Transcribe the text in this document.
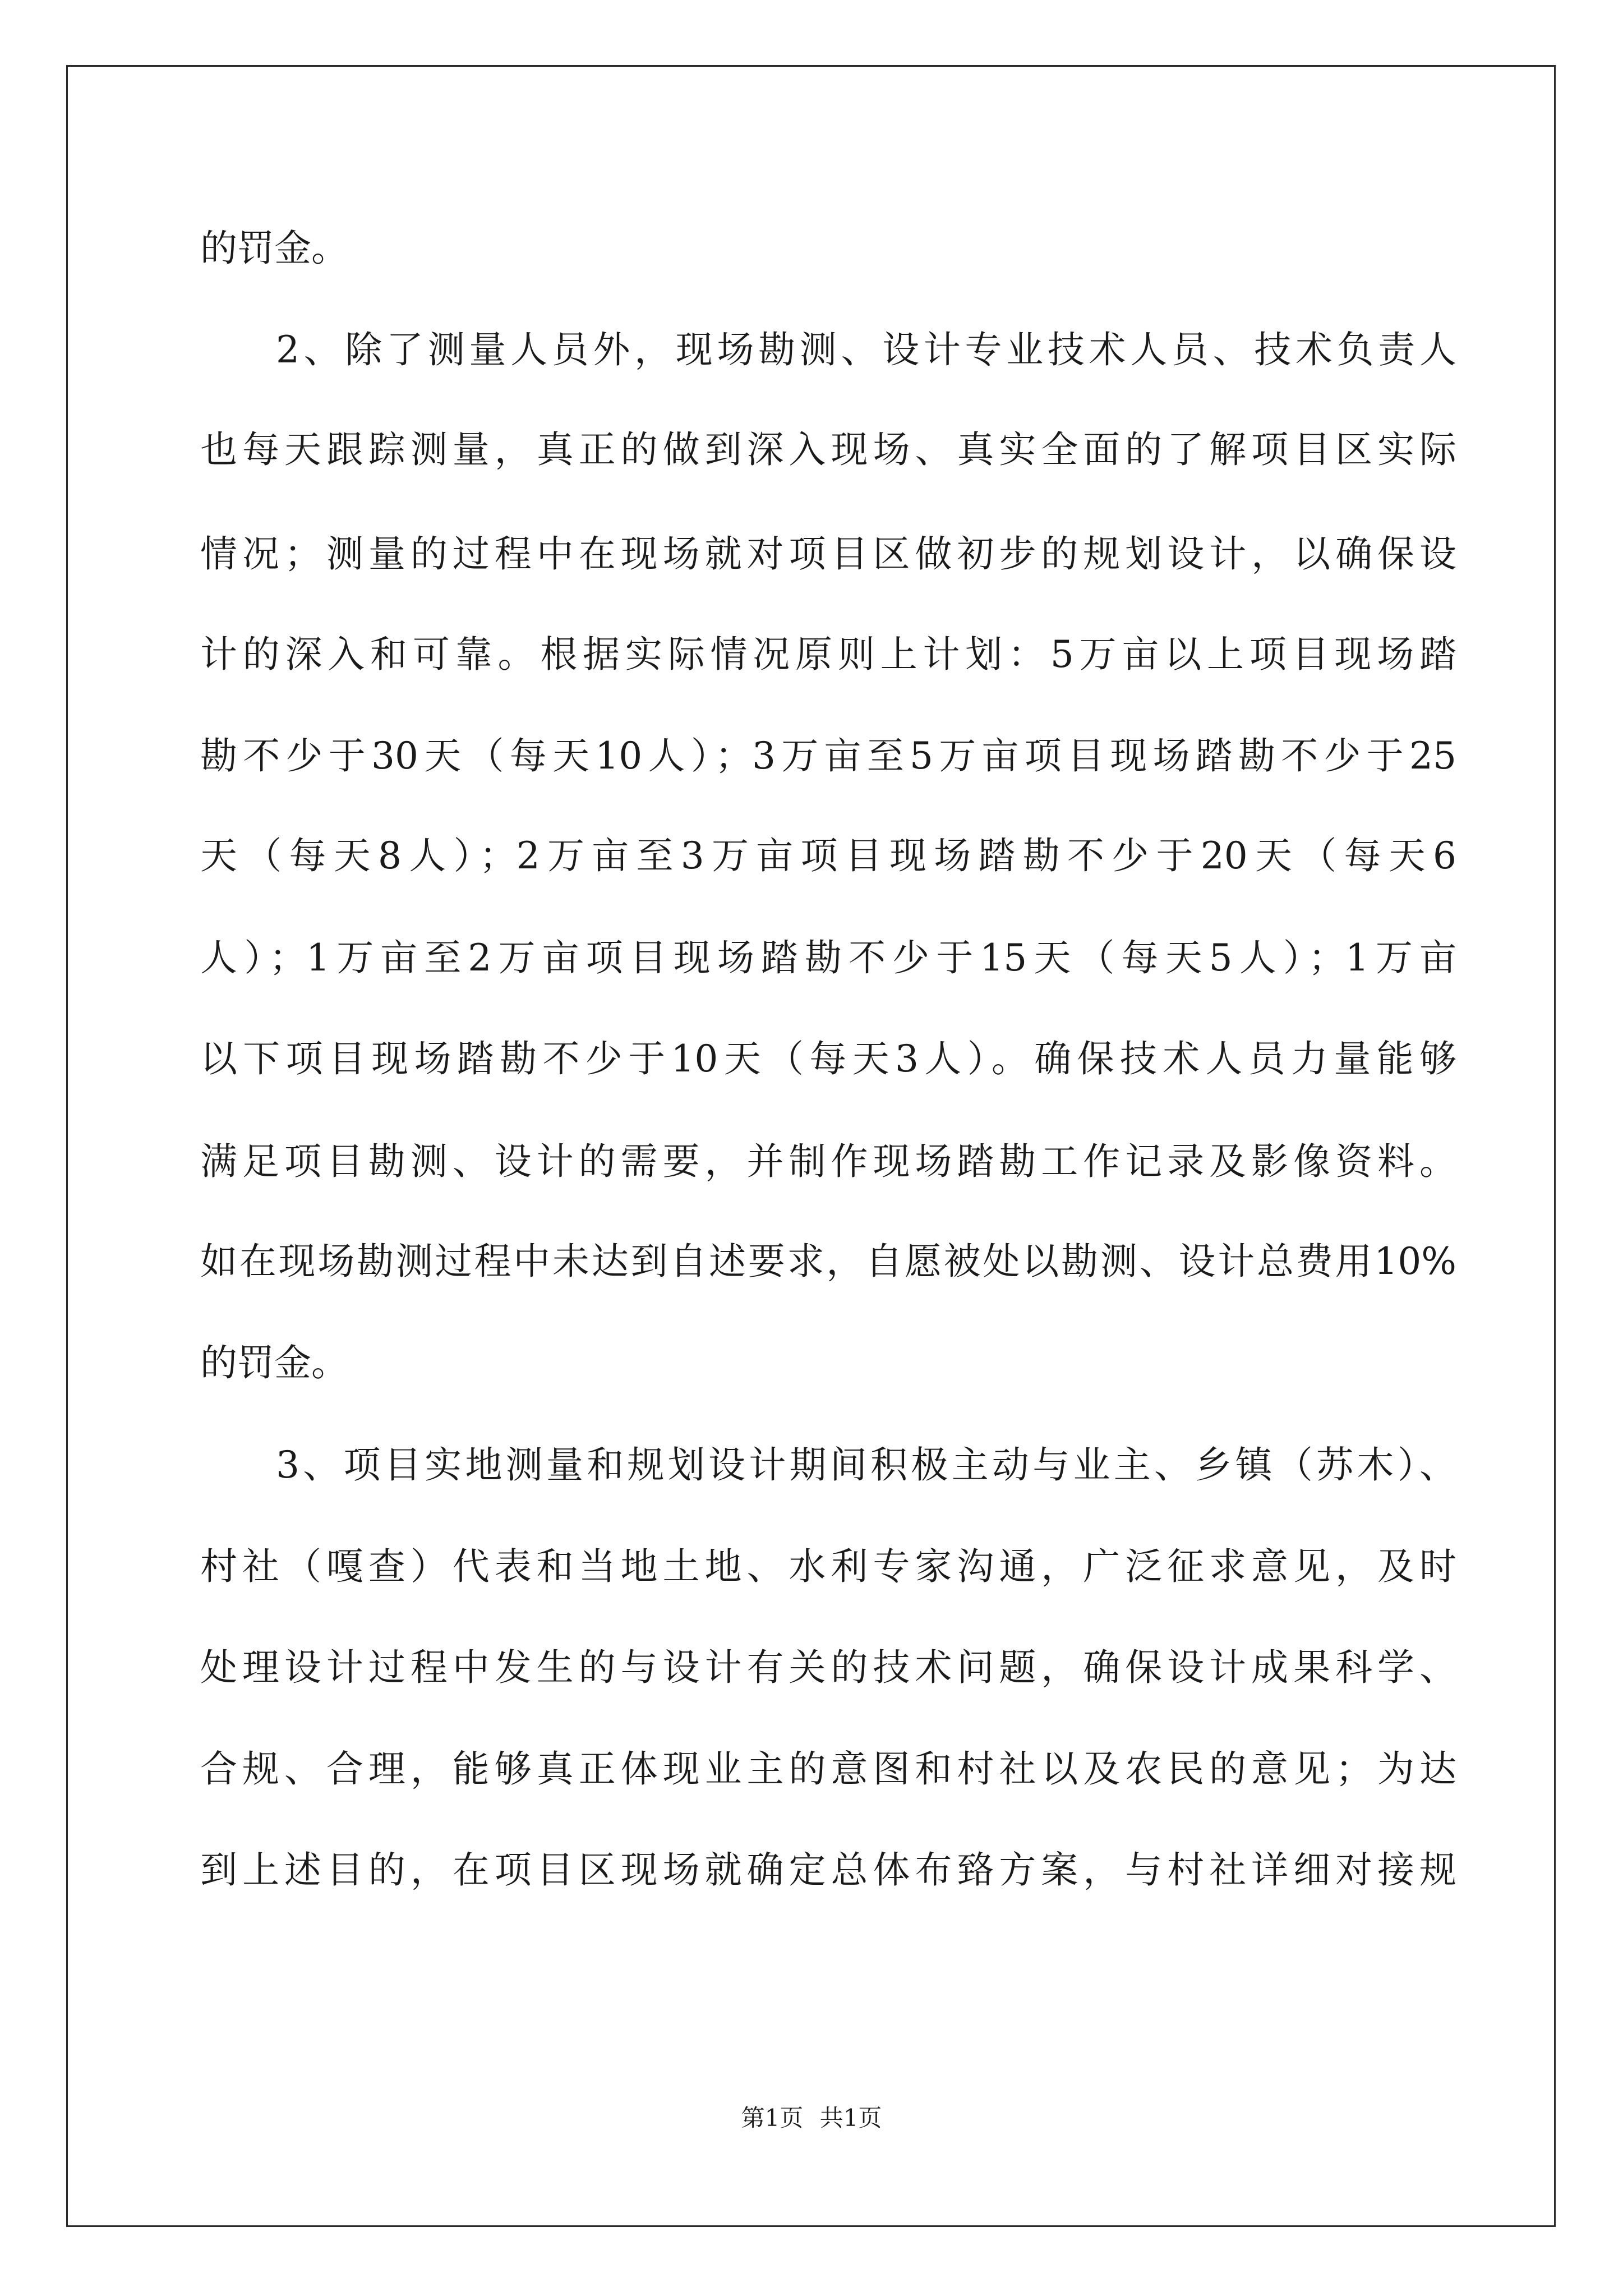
的罚金。
2、除了测量人员外，现场勘测、设计专业技术人员、技术负责人
也每天跟踪测量，真正的做到深入现场、真实全面的了解项目区实际
情况；测量的过程中在现场就对项目区做初步的规划设计，以确保设
计的深入和可靠。根据实际情况原则上计划：5万亩以上项目现场踏
勘不少于30天（每天10人）；3万亩至5万亩项目现场踏勘不少于25
天（每天8人）；2万亩至3万亩项目现场踏勘不少于20天（每天6
人）；1万亩至2万亩项目现场踏勘不少于15天（每天5人）；1万亩
以下项目现场踏勘不少于10天（每天3人）。确保技术人员力量能够
满足项目勘测、设计的需要，并制作现场踏勘工作记录及影像资料。
如在现场勘测过程中未达到自述要求，自愿被处以勘测、设计总费用10%
的罚金。
3、项目实地测量和规划设计期间积极主动与业主、乡镇（苏木）、
村社（嘎查）代表和当地土地、水利专家沟通，广泛征求意见，及时
处理设计过程中发生的与设计有关的技术问题，确保设计成果科学、
合规、合理，能够真正体现业主的意图和村社以及农民的意见；为达
到上述目的，在项目区现场就确定总体布臵方案，与村社详细对接规
第1页 共1页
